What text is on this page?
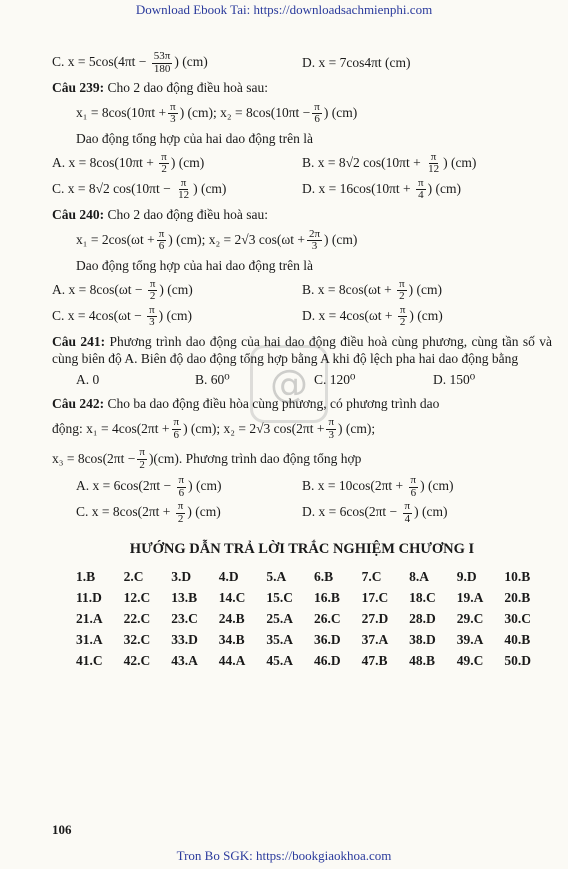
Download Ebook Tai: https://downloadsachmienphi.com
@
C. $x = 5\cos(4\pi t - \frac{53\pi}{180}$ ) (cm)	D. x = 7cos4πt (cm)
Câu 239: Cho 2 dao động điều hoà sau:
$x_1 = 8\cos(10\pi t + \frac{\pi}{3}$ ) (cm); $x_2 = 8\cos(10\pi t - \frac{\pi}{6}$ ) (cm)
Dao động tổng hợp của hai dao động trên là
A. $x = 8\cos(10\pi t + \frac{\pi}{2}$ ) (cm)	B. x = 8√2 $\cos(10\pi t + \frac{\pi}{12}$ ) (cm)
C. x = 8√2 $\cos(10\pi t - \frac{\pi}{12}$ ) (cm)	D. $x = 16\cos(10\pi t + \frac{\pi}{4}$ ) (cm)
Câu 240: Cho 2 dao động điều hoà sau:
$x_1 = 2\cos(\omega t + \frac{\pi}{6}$ ) (cm); x₂ = 2√3 $\cos(\omega t + \frac{2\pi}{3}$ ) (cm)
Dao động tổng hợp của hai dao động trên là
A. $x = 8\cos(\omega t - \frac{\pi}{2}$ ) (cm)	B. $x = 8\cos(\omega t + \frac{\pi}{2}$ ) (cm)
C. $x = 4\cos(\omega t - \frac{\pi}{3}$ ) (cm)	D. $x = 4\cos(\omega t + \frac{\pi}{2}$ ) (cm)
Câu 241: Phương trình dao động của hai dao động điều hoà cùng phương, cùng tần số và cùng biên độ A. Biên độ dao động tổng hợp bằng A khi độ lệch pha hai dao động bằng
A. 0	B. 60⁰	C. 120⁰	D. 150⁰
Câu 242: Cho ba dao động điều hòa cùng phương, có phương trình dao
động: $x_1 = 4\cos(2\pi t + \frac{\pi}{6}$ ) (cm); x₂ = 2√3 $\cos(2\pi t + \frac{\pi}{3}$ ) (cm);
$x_3 = 8\cos(2\pi t - \frac{\pi}{2} )(cm)$. Phương trình dao động tổng hợp
A. $x = 6\cos(2\pi t - \frac{\pi}{6}$ ) (cm)	B. $x = 10\cos(2\pi t + \frac{\pi}{6}$ ) (cm)
C. $x = 8\cos(2\pi t + \frac{\pi}{2}$ ) (cm)	D. $x = 6\cos(2\pi t - \frac{\pi}{4}$ ) (cm)
HƯỚNG DẪN TRẢ LỜI TRẮC NGHIỆM CHƯƠNG I
1.B	2.C	3.D	4.D	5.A	6.B	7.C	8.A	9.D	10.B
11.D	12.C	13.B	14.C	15.C	16.B	17.C	18.C	19.A	20.B
21.A	22.C	23.C	24.B	25.A	26.C	27.D	28.D	29.C	30.C
31.A	32.C	33.D	34.B	35.A	36.D	37.A	38.D	39.A	40.B
41.C	42.C	43.A	44.A	45.A	46.D	47.B	48.B	49.C	50.D
106
Tron Bo SGK: https://bookgiaokhoa.com
